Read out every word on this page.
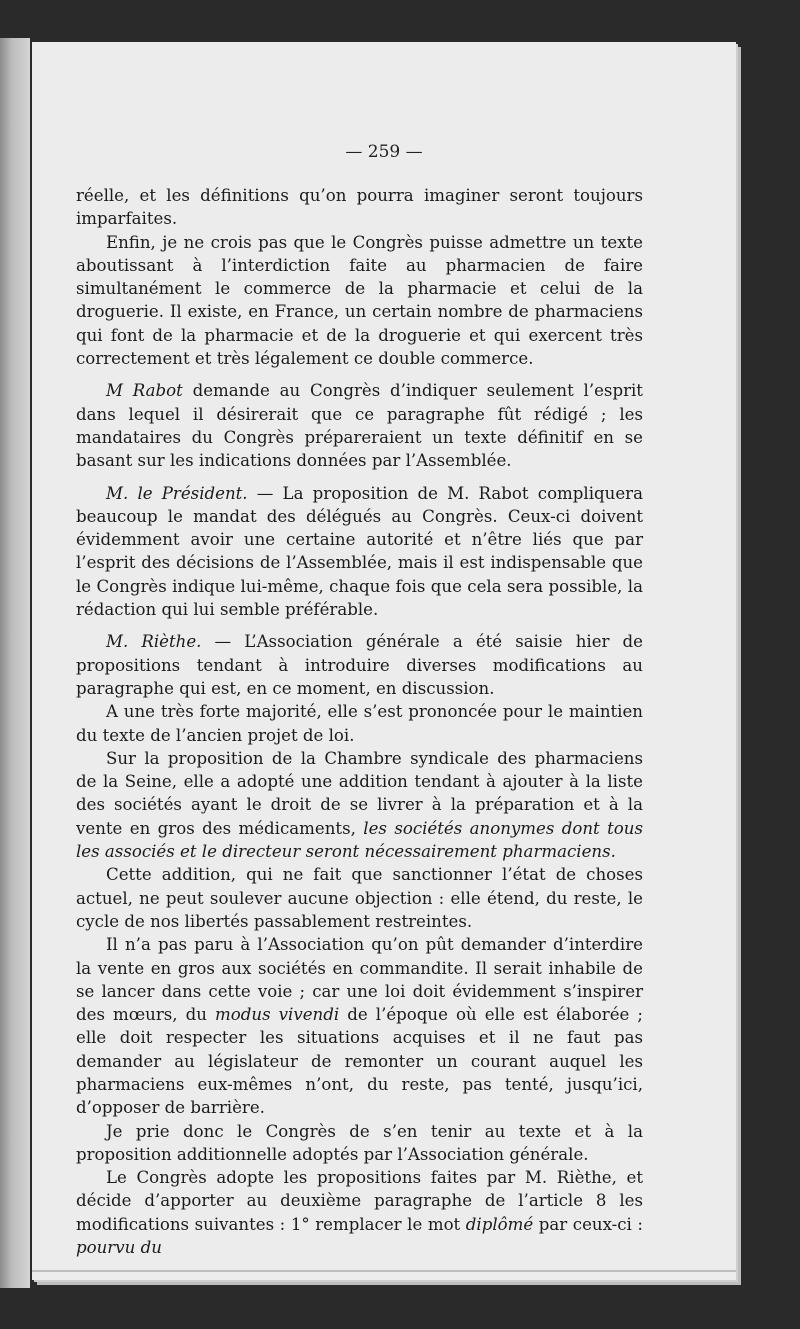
— 259 —

réelle, et les définitions qu’on pourra imaginer seront toujours imparfaites.

Enfin, je ne crois pas que le Congrès puisse admettre un texte aboutissant à l’interdiction faite au pharmacien de faire simultanément le commerce de la pharmacie et celui de la droguerie. Il existe, en France, un certain nombre de pharmaciens qui font de la pharmacie et de la droguerie et qui exercent très correctement et très légalement ce double commerce.

M Rabot demande au Congrès d’indiquer seulement l’esprit dans lequel il désirerait que ce paragraphe fût rédigé ; les mandataires du Congrès prépareraient un texte définitif en se basant sur les indications données par l’Assemblée.

M. le Président. — La proposition de M. Rabot compliquera beaucoup le mandat des délégués au Congrès. Ceux-ci doivent évidemment avoir une certaine autorité et n’être liés que par l’esprit des décisions de l’Assemblée, mais il est indispensable que le Congrès indique lui-même, chaque fois que cela sera possible, la rédaction qui lui semble préférable.

M. Rièthe. — L’Association générale a été saisie hier de propositions tendant à introduire diverses modifications au paragraphe qui est, en ce moment, en discussion.

A une très forte majorité, elle s’est prononcée pour le maintien du texte de l’ancien projet de loi.

Sur la proposition de la Chambre syndicale des pharmaciens de la Seine, elle a adopté une addition tendant à ajouter à la liste des sociétés ayant le droit de se livrer à la préparation et à la vente en gros des médicaments, les sociétés anonymes dont tous les associés et le directeur seront nécessairement pharmaciens.

Cette addition, qui ne fait que sanctionner l’état de choses actuel, ne peut soulever aucune objection : elle étend, du reste, le cycle de nos libertés passablement restreintes.

Il n’a pas paru à l’Association qu’on pût demander d’interdire la vente en gros aux sociétés en commandite. Il serait inhabile de se lancer dans cette voie ; car une loi doit évidemment s’inspirer des mœurs, du modus vivendi de l’époque où elle est élaborée ; elle doit respecter les situations acquises et il ne faut pas demander au législateur de remonter un courant auquel les pharmaciens eux-mêmes n’ont, du reste, pas tenté, jusqu’ici, d’opposer de barrière.

Je prie donc le Congrès de s’en tenir au texte et à la proposition additionnelle adoptés par l’Association générale.

Le Congrès adopte les propositions faites par M. Rièthe, et décide d’apporter au deuxième paragraphe de l’article 8 les modifications suivantes : 1° remplacer le mot diplômé par ceux-ci : pourvu du
